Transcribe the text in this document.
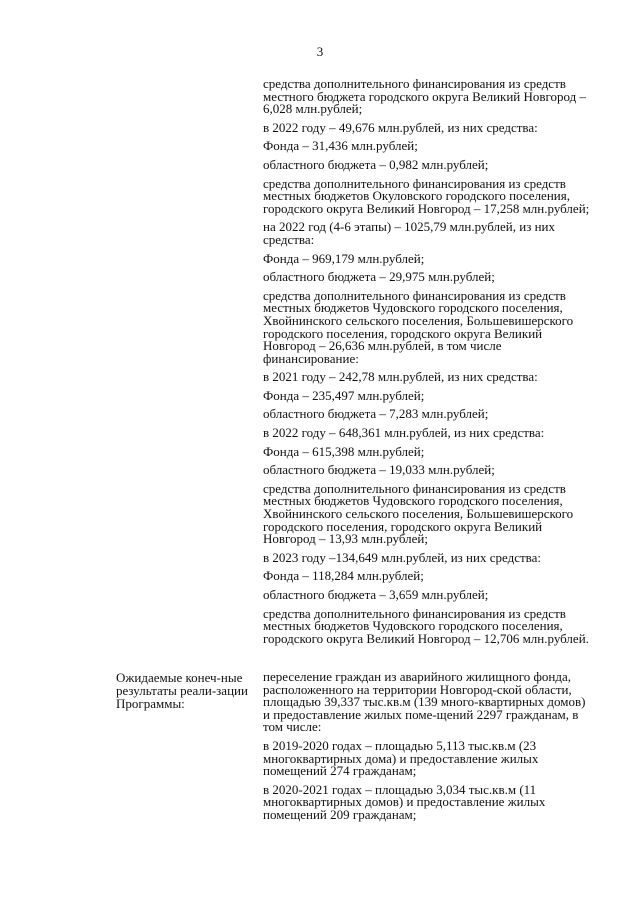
3

средства дополнительного финансирования из средств местного бюджета городского округа Великий Новгород – 6,028 млн.рублей;

в 2022 году – 49,676 млн.рублей, из них средства:

Фонда – 31,436 млн.рублей;

областного бюджета – 0,982 млн.рублей;

средства дополнительного финансирования из средств местных бюджетов Окуловского городского поселения, городского округа Великий Новгород – 17,258 млн.рублей;

на 2022 год (4-6 этапы) – 1025,79 млн.рублей, из них средства:

Фонда – 969,179 млн.рублей;

областного бюджета – 29,975 млн.рублей;

средства дополнительного финансирования из средств местных бюджетов Чудовского городского поселения, Хвойнинского сельского поселения, Большевишерского городского поселения, городского округа Великий Новгород – 26,636 млн.рублей, в том числе финансирование:

в 2021 году – 242,78 млн.рублей, из них средства:

Фонда – 235,497 млн.рублей;

областного бюджета – 7,283 млн.рублей;

в 2022 году – 648,361 млн.рублей, из них средства:

Фонда – 615,398 млн.рублей;

областного бюджета – 19,033 млн.рублей;

средства дополнительного финансирования из средств местных бюджетов Чудовского городского поселения, Хвойнинского сельского поселения, Большевишерского городского поселения, городского округа Великий Новгород – 13,93 млн.рублей;

в 2023 году –134,649 млн.рублей, из них средства:

Фонда – 118,284 млн.рублей;

областного бюджета – 3,659 млн.рублей;

средства дополнительного финансирования из средств местных бюджетов Чудовского городского поселения, городского округа Великий Новгород – 12,706 млн.рублей.

Ожидаемые конеч-ные результаты реали-зации Программы:

переселение граждан из аварийного жилищного фонда, расположенного на территории Новгород-ской области, площадью 39,337 тыс.кв.м (139 много-квартирных домов) и предоставление жилых поме-щений 2297 гражданам, в том числе:

в 2019-2020 годах – площадью 5,113 тыс.кв.м (23 многоквартирных дома) и предоставление жилых помещений 274 гражданам;

в 2020-2021 годах – площадью 3,034 тыс.кв.м (11 многоквартирных домов) и предоставление жилых помещений 209 гражданам;
